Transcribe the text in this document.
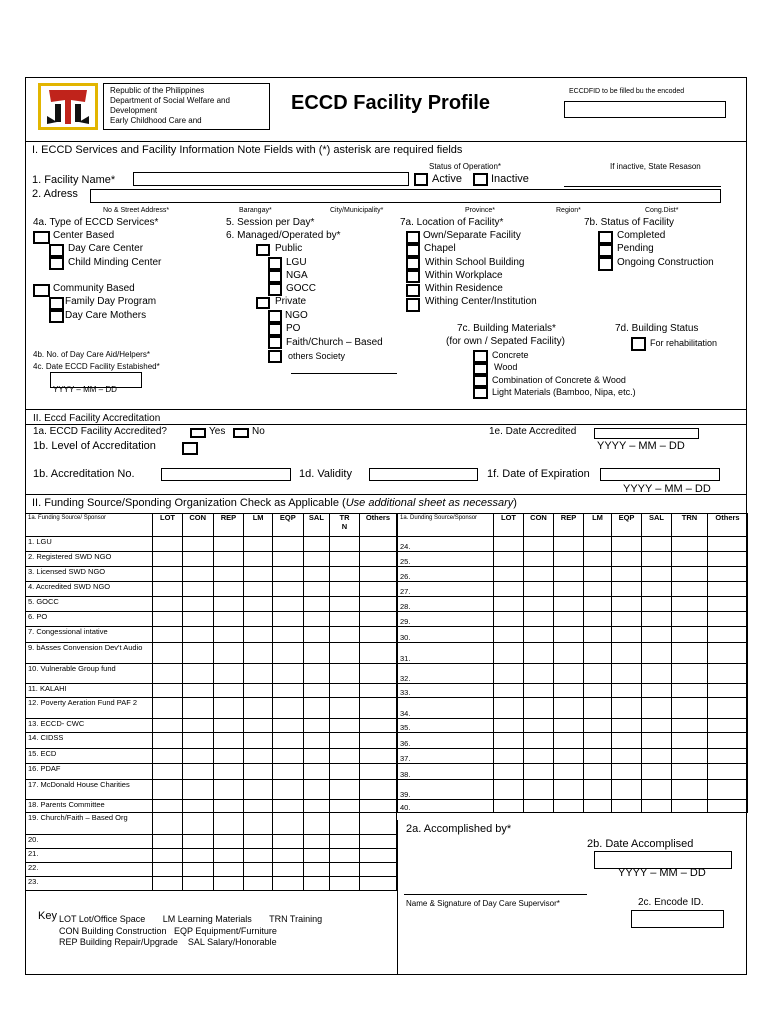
Republic of the Philippines
Department of Social Welfare and
Development
Early Childhood Care and
ECCD Facility Profile
ECCDFID to be filled bu the encoded
I. ECCD Services and Facility Information Note Fields with (*) asterisk are required fields
Status of Operation*	If inactive, State Resason
1. Facility Name*	Active	Inactive
2. Adress
No & Street Address*	Barangay*	City/Municipality*	Province*	Region*	Cong.Dist*
4a. Type of ECCD Services*
Center Based
Day Care Center
Child Minding Center
Community Based
Family Day Program
Day Care Mothers
5. Session per Day*
6. Managed/Operated by*
Public
LGU
NGA
GOCC
Private
NGO
PO
Faith/Church – Based
others Society
7a. Location of Facility*
Own/Separate Facility
Chapel
Within School Building
Within Workplace
Within Residence
Withing Center/Institution
7b. Status of Facility
Completed
Pending
Ongoing Construction
7c. Building Materials*
(for own / Sepated Facility)
Concrete
Wood
Combination of Concrete & Wood
Light Materials (Bamboo, Nipa, etc.)
7d. Building Status
For rehabilitation
4b. No. of Day Care Aid/Helpers*
4c. Date ECCD Facility Estabished*
YYYY – MM – DD
II. Eccd Facility Accreditation
1a. ECCD Facility Accredited?	Yes	No	1e. Date Accredited
1b. Level of Accreditation	YYYY – MM – DD
1b. Accreditation No.	1d. Validity	1f. Date of Expiration
YYYY – MM – DD
II. Funding Source/Sponding Organization Check as Applicable (Use additional sheet as necessary)
1a. Funding Source/ Sponsor	LOT	CON	REP	LM	EQP	SAL	TR N	Others
1. LGU								
2. Registered SWD NGO								
3. Licensed SWD NGO								
4. Accredited SWD NGO								
5. GOCC								
6. PO								
7. Congessional intative								
9. bAsses Convension Dev't Audio								
10. Vulnerable Group fund								
11. KALAHI								
12. Poverty Aeration Fund PAF 2								
13. ECCD- CWC								
14. CIDSS								
15. ECD								
16. PDAF								
17. McDonald House Charities								
18. Parents Committee								
19. Church/Faith – Based Org								
20.								
21.								
22.								
23.								
1a. Dunding Source/Sponsor	LOT	CON	REP	LM	EQP	SAL	TRN	Others
24.								
25.								
26.								
27.								
28.								
29.								
30.								
31.								
32.								
33.								
34.								
35.								
36.								
37.								
38.								
39.								
40.								
2a. Accomplished by*
2b. Date Accomplised
YYYY – MM – DD
Name & Signature of Day Care Supervisor*	2c. Encode ID.
Key LOT Lot/Office Space       LM Learning Materials       TRN Training
CON Building Construction   EQP Equipment/Furniture
REP Building Repair/Upgrade    SAL Salary/Honorable
